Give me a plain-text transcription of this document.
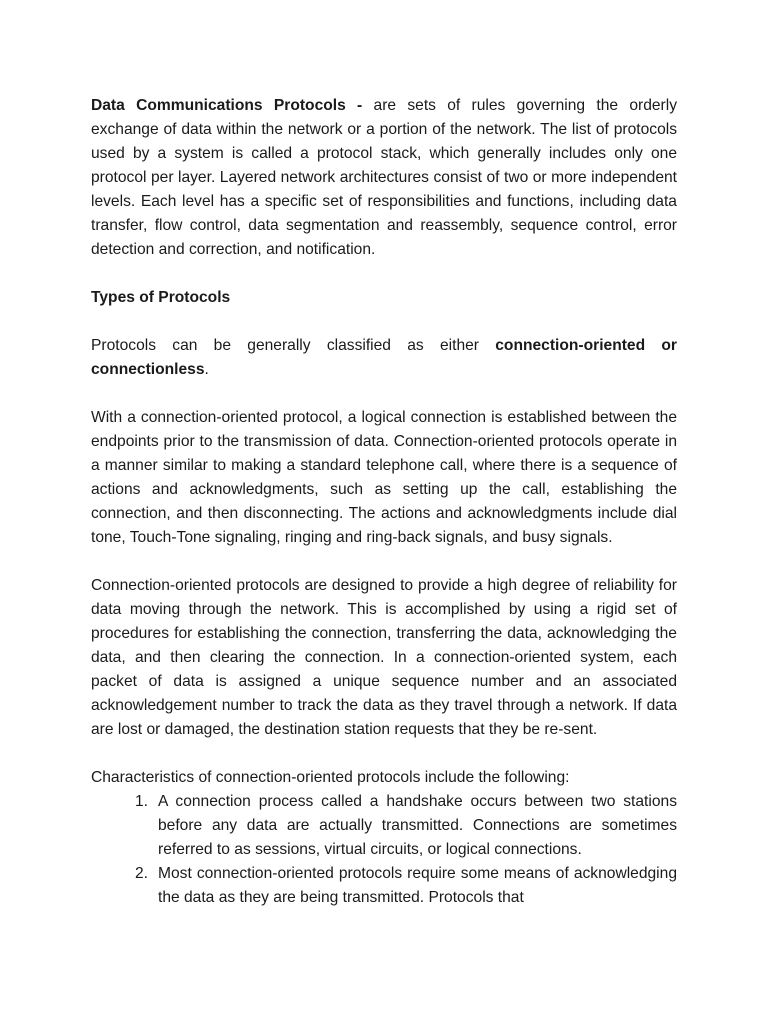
Data Communications Protocols - are sets of rules governing the orderly exchange of data within the network or a portion of the network. The list of protocols used by a system is called a protocol stack, which generally includes only one protocol per layer. Layered network architectures consist of two or more independent levels. Each level has a specific set of responsibilities and functions, including data transfer, flow control, data segmentation and reassembly, sequence control, error detection and correction, and notification.

Types of Protocols

Protocols can be generally classified as either connection-oriented or connectionless.

With a connection-oriented protocol, a logical connection is established between the endpoints prior to the transmission of data. Connection-oriented protocols operate in a manner similar to making a standard telephone call, where there is a sequence of actions and acknowledgments, such as setting up the call, establishing the connection, and then disconnecting. The actions and acknowledgments include dial tone, Touch-Tone signaling, ringing and ring-back signals, and busy signals.

Connection-oriented protocols are designed to provide a high degree of reliability for data moving through the network. This is accomplished by using a rigid set of procedures for establishing the connection, transferring the data, acknowledging the data, and then clearing the connection. In a connection-oriented system, each packet of data is assigned a unique sequence number and an associated acknowledgement number to track the data as they travel through a network. If data are lost or damaged, the destination station requests that they be re-sent.

Characteristics of connection-oriented protocols include the following:

1. A connection process called a handshake occurs between two stations before any data are actually transmitted. Connections are sometimes referred to as sessions, virtual circuits, or logical connections.
2. Most connection-oriented protocols require some means of acknowledging the data as they are being transmitted. Protocols that
